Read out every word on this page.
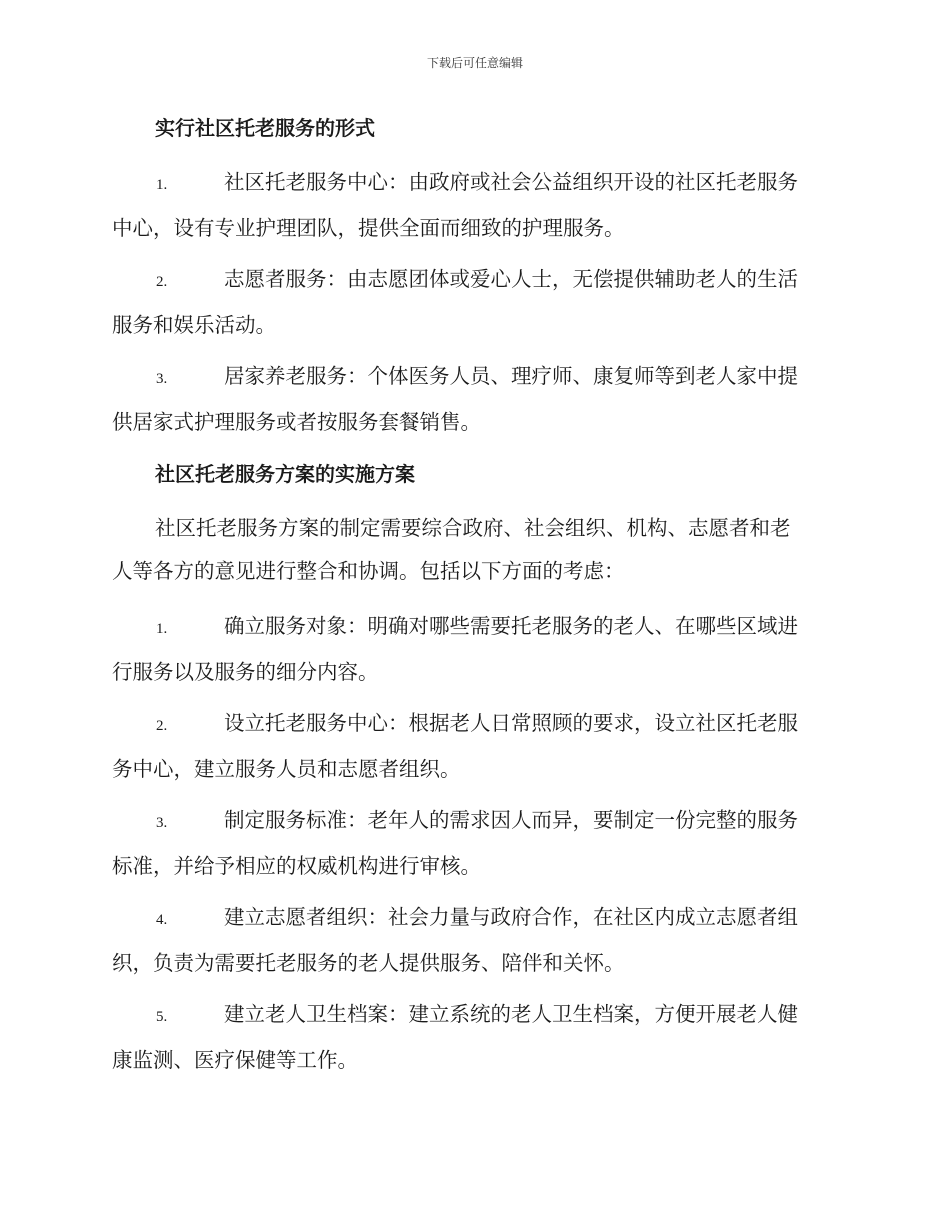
下载后可任意编辑
实行社区托老服务的形式
1.	社区托老服务中心：由政府或社会公益组织开设的社区托老服务
中心，设有专业护理团队，提供全面而细致的护理服务。
2.	志愿者服务：由志愿团体或爱心人士，无偿提供辅助老人的生活
服务和娱乐活动。
3.	居家养老服务：个体医务人员、理疗师、康复师等到老人家中提
供居家式护理服务或者按服务套餐销售。
社区托老服务方案的实施方案
社区托老服务方案的制定需要综合政府、社会组织、机构、志愿者和老
人等各方的意见进行整合和协调。包括以下方面的考虑：
1.	确立服务对象：明确对哪些需要托老服务的老人、在哪些区域进
行服务以及服务的细分内容。
2.	设立托老服务中心：根据老人日常照顾的要求，设立社区托老服
务中心，建立服务人员和志愿者组织。
3.	制定服务标准：老年人的需求因人而异，要制定一份完整的服务
标准，并给予相应的权威机构进行审核。
4.	建立志愿者组织：社会力量与政府合作，在社区内成立志愿者组
织，负责为需要托老服务的老人提供服务、陪伴和关怀。
5.	建立老人卫生档案：建立系统的老人卫生档案，方便开展老人健
康监测、医疗保健等工作。
